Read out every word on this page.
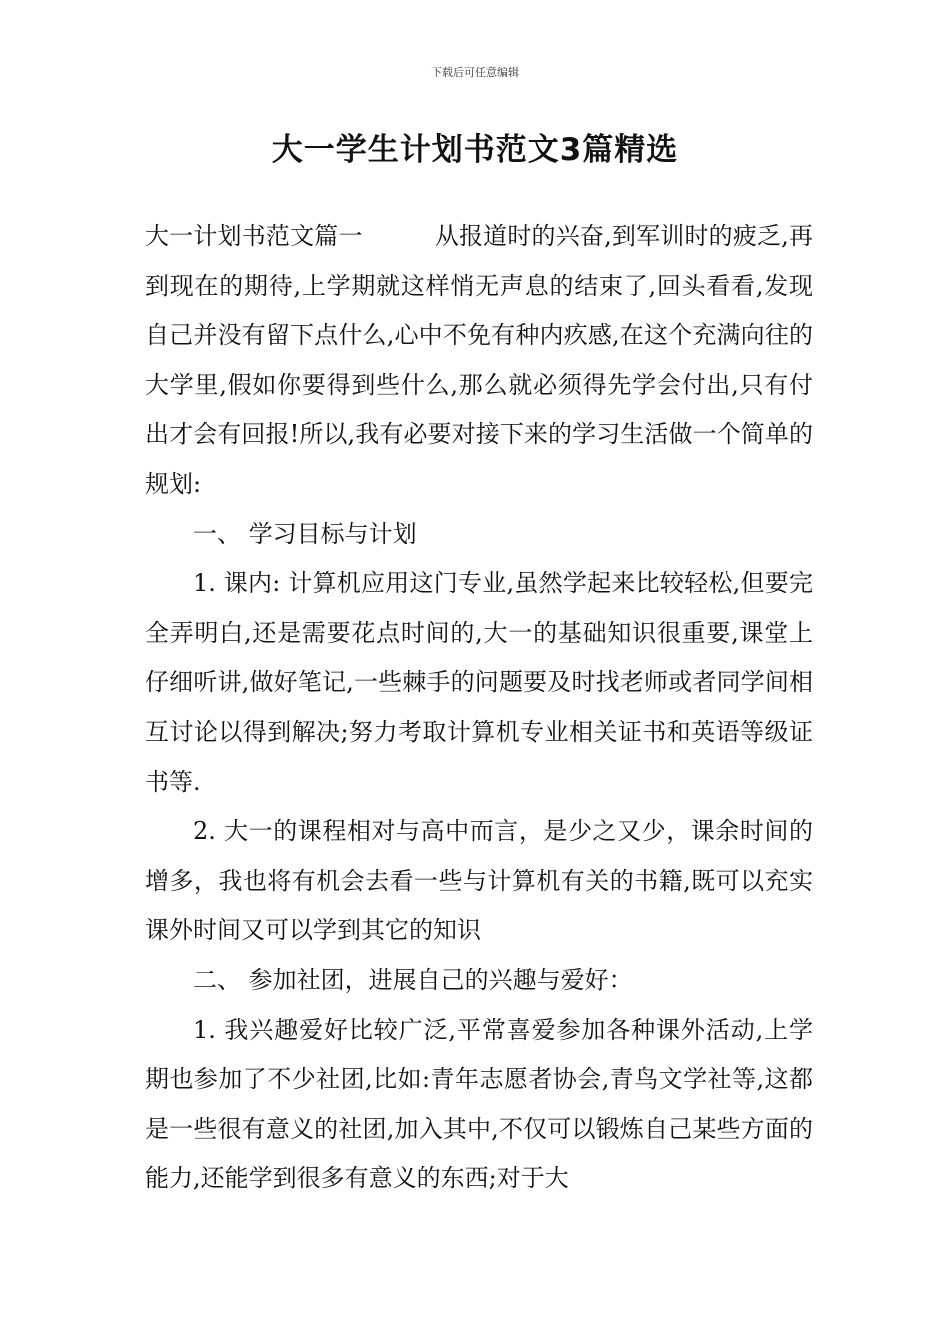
下载后可任意编辑
大一学生计划书范文3篇精选

大一计划书范文篇一	从报道时的兴奋,到军训时的疲乏,再到现在的期待,上学期就这样悄无声息的结束了,回头看看,发现自己并没有留下点什么,心中不免有种内疚感,在这个充满向往的大学里,假如你要得到些什么,那么就必须得先学会付出,只有付出才会有回报!所以,我有必要对接下来的学习生活做一个简单的规划:

一、 学习目标与计划

1. 课内: 计算机应用这门专业,虽然学起来比较轻松,但要完全弄明白,还是需要花点时间的,大一的基础知识很重要,课堂上仔细听讲,做好笔记,一些棘手的问题要及时找老师或者同学间相互讨论以得到解决;努力考取计算机专业相关证书和英语等级证书等.

2. 大一的课程相对与高中而言，是少之又少，课余时间的增多，我也将有机会去看一些与计算机有关的书籍,既可以充实课外时间又可以学到其它的知识

二、 参加社团，进展自己的兴趣与爱好：

1. 我兴趣爱好比较广泛,平常喜爱参加各种课外活动,上学期也参加了不少社团,比如:青年志愿者协会,青鸟文学社等,这都是一些很有意义的社团,加入其中,不仅可以锻炼自己某些方面的能力,还能学到很多有意义的东西;对于大
